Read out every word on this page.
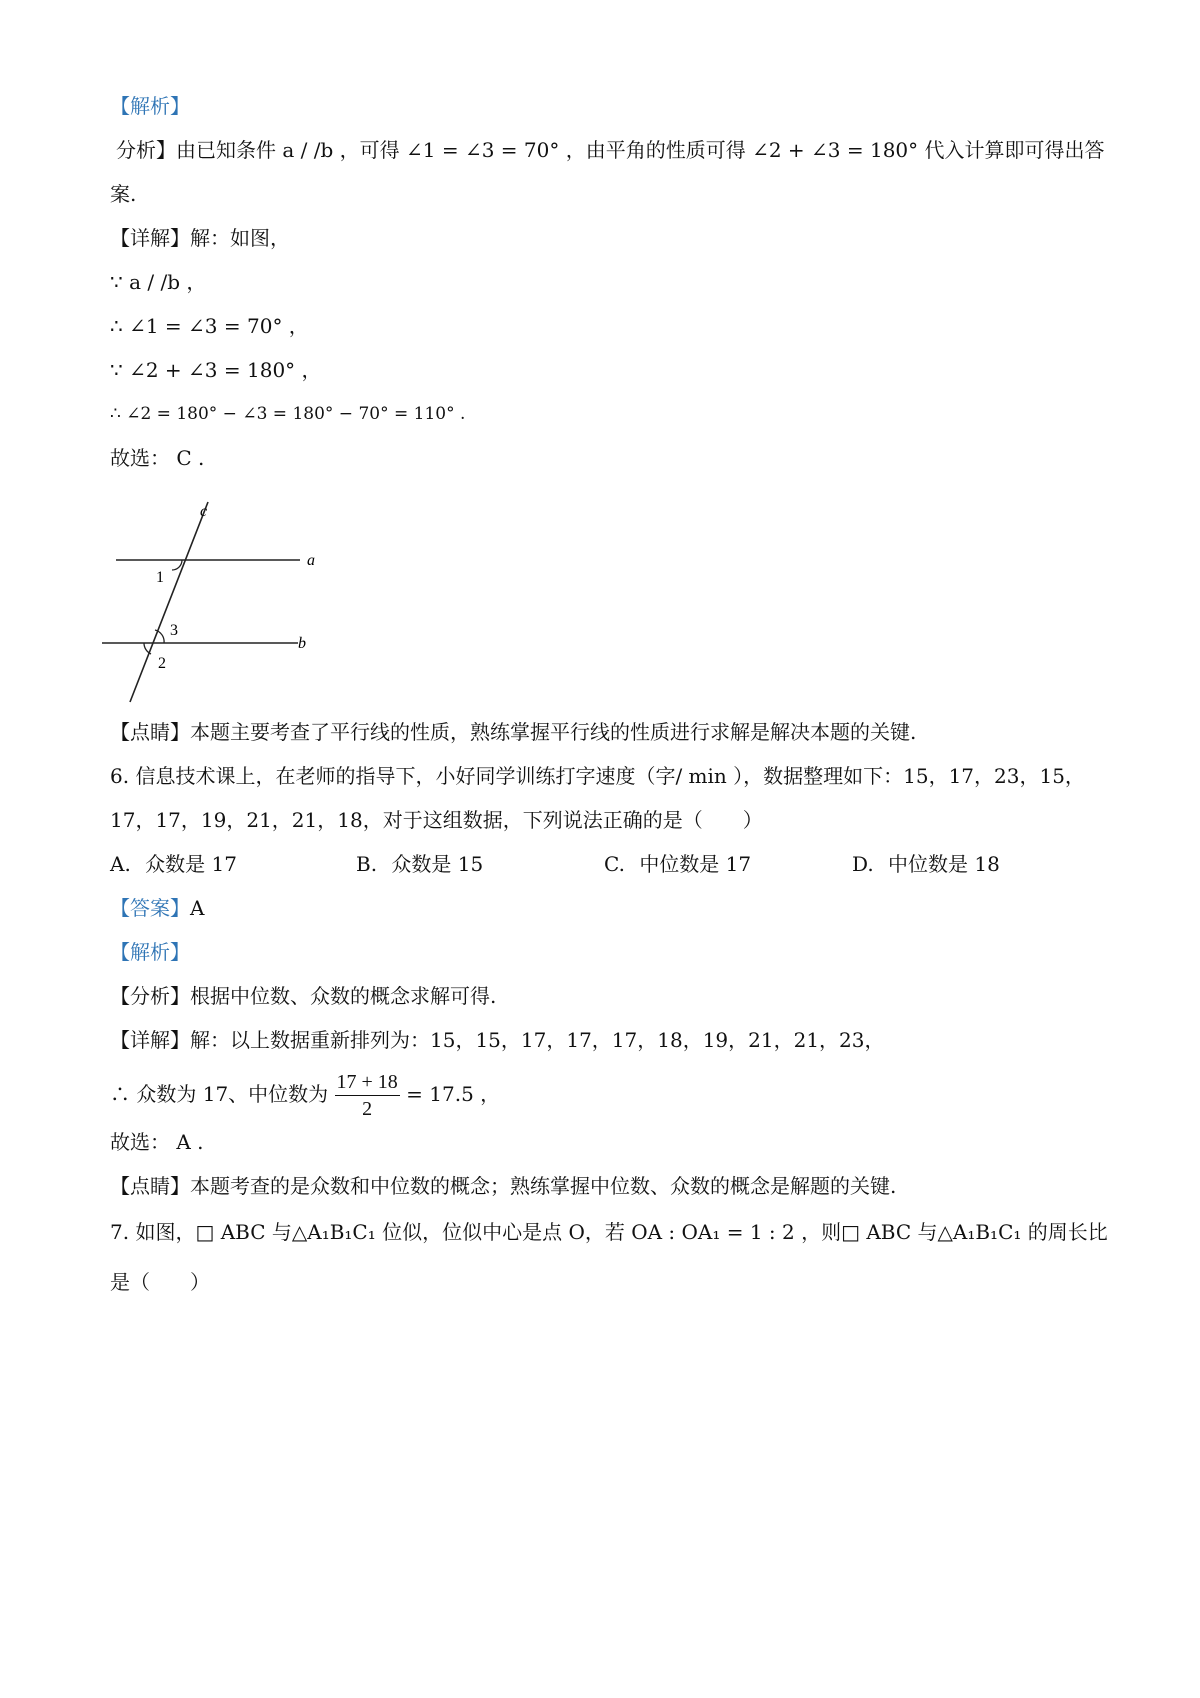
【解析】
分析】由已知条件 a / /b ，可得 ∠1 = ∠3 = 70° ，由平角的性质可得 ∠2 + ∠3 = 180° 代入计算即可得出答
案.
【详解】解：如图，
∵ a / /b ，
∴ ∠1 = ∠3 = 70° ，
∵ ∠2 + ∠3 = 180° ，
∴ ∠2 = 180° − ∠3 = 180° − 70° = 110° .
故选： C .
c
a
b
1
3
2
【点睛】本题主要考查了平行线的性质，熟练掌握平行线的性质进行求解是解决本题的关键.
6. 信息技术课上，在老师的指导下，小好同学训练打字速度（字/ min ），数据整理如下：15，17，23，15，
17，17，19，21，21，18，对于这组数据，下列说法正确的是（　　）
A. 众数是 17	B. 众数是 15	C. 中位数是 17	D. 中位数是 18
【答案】A
【解析】
【分析】根据中位数、众数的概念求解可得.
【详解】解：以上数据重新排列为：15，15，17，17，17，18，19，21，21，23，
∴ 众数为 17、中位数为 $\frac{17 + 18}{2} = 17.5$ ，
故选： A .
【点睛】本题考查的是众数和中位数的概念；熟练掌握中位数、众数的概念是解题的关键.
7. 如图，□ ABC 与△A₁B₁C₁ 位似，位似中心是点 O，若 OA : OA₁ = 1 : 2 ，则□ ABC 与△A₁B₁C₁ 的周长比
是（　　）
